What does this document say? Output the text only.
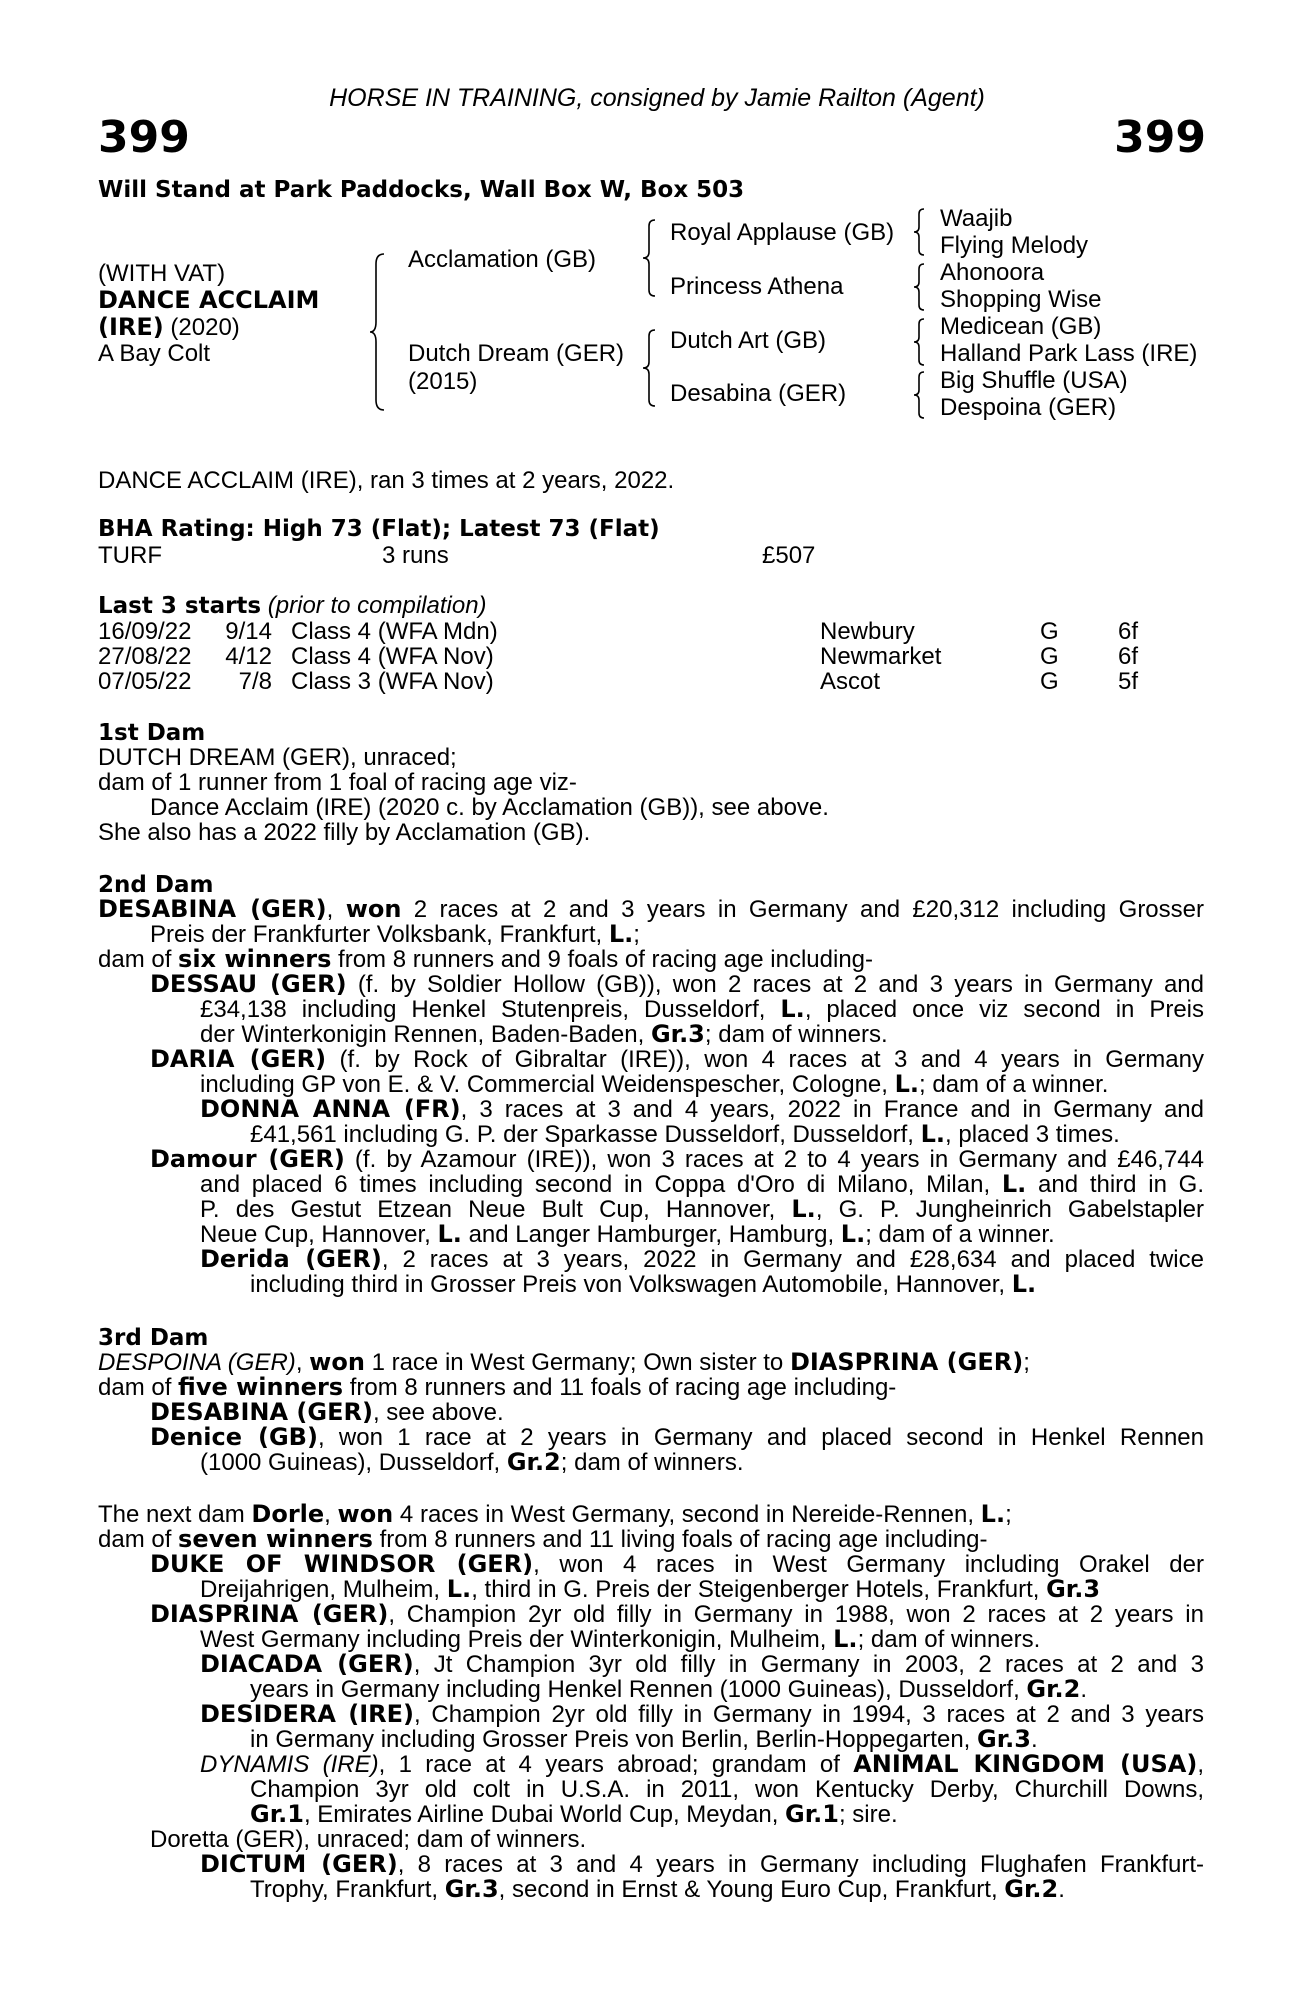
HORSE IN TRAINING, consigned by Jamie Railton (Agent)
399	399
Will Stand at Park Paddocks, Wall Box W, Box 503
(WITH VAT)
DANCE ACCLAIM
(IRE) (2020)
A Bay Colt
Acclamation (GB)
Dutch Dream (GER)
(2015)
Royal Applause (GB)
Princess Athena
Dutch Art (GB)
Desabina (GER)
Waajib
Flying Melody
Ahonoora
Shopping Wise
Medicean (GB)
Halland Park Lass (IRE)
Big Shuffle (USA)
Despoina (GER)
DANCE ACCLAIM (IRE), ran 3 times at 2 years, 2022.
BHA Rating: High 73 (Flat); Latest 73 (Flat)
TURF	3 runs	£507
Last 3 starts (prior to compilation)
16/09/22	9/14 Class 4 (WFA Mdn)	Newbury	G 6f
27/08/22	4/12 Class 4 (WFA Nov)	Newmarket	G 6f
07/05/22	7/8 Class 3 (WFA Nov)	Ascot	G 5f
1st Dam
DUTCH DREAM (GER), unraced;
dam of 1 runner from 1 foal of racing age viz-
Dance Acclaim (IRE) (2020 c. by Acclamation (GB)), see above.
She also has a 2022 filly by Acclamation (GB).
2nd Dam
DESABINA (GER), won 2 races at 2 and 3 years in Germany and £20,312 including Grosser
Preis der Frankfurter Volksbank, Frankfurt, L.;
dam of six winners from 8 runners and 9 foals of racing age including-
DESSAU (GER) (f. by Soldier Hollow (GB)), won 2 races at 2 and 3 years in Germany and
£34,138 including Henkel Stutenpreis, Dusseldorf, L., placed once viz second in Preis
der Winterkonigin Rennen, Baden-Baden, Gr.3; dam of winners.
DARIA (GER) (f. by Rock of Gibraltar (IRE)), won 4 races at 3 and 4 years in Germany
including GP von E. & V. Commercial Weidenspescher, Cologne, L.; dam of a winner.
DONNA ANNA (FR), 3 races at 3 and 4 years, 2022 in France and in Germany and
£41,561 including G. P. der Sparkasse Dusseldorf, Dusseldorf, L., placed 3 times.
Damour (GER) (f. by Azamour (IRE)), won 3 races at 2 to 4 years in Germany and £46,744
and placed 6 times including second in Coppa d'Oro di Milano, Milan, L. and third in G.
P. des Gestut Etzean Neue Bult Cup, Hannover, L., G. P. Jungheinrich Gabelstapler
Neue Cup, Hannover, L. and Langer Hamburger, Hamburg, L.; dam of a winner.
Derida (GER), 2 races at 3 years, 2022 in Germany and £28,634 and placed twice
including third in Grosser Preis von Volkswagen Automobile, Hannover, L.
3rd Dam
DESPOINA (GER), won 1 race in West Germany; Own sister to DIASPRINA (GER);
dam of five winners from 8 runners and 11 foals of racing age including-
DESABINA (GER), see above.
Denice (GB), won 1 race at 2 years in Germany and placed second in Henkel Rennen
(1000 Guineas), Dusseldorf, Gr.2; dam of winners.
The next dam Dorle, won 4 races in West Germany, second in Nereide-Rennen, L.;
dam of seven winners from 8 runners and 11 living foals of racing age including-
DUKE OF WINDSOR (GER), won 4 races in West Germany including Orakel der
Dreijahrigen, Mulheim, L., third in G. Preis der Steigenberger Hotels, Frankfurt, Gr.3
DIASPRINA (GER), Champion 2yr old filly in Germany in 1988, won 2 races at 2 years in
West Germany including Preis der Winterkonigin, Mulheim, L.; dam of winners.
DIACADA (GER), Jt Champion 3yr old filly in Germany in 2003, 2 races at 2 and 3
years in Germany including Henkel Rennen (1000 Guineas), Dusseldorf, Gr.2.
DESIDERA (IRE), Champion 2yr old filly in Germany in 1994, 3 races at 2 and 3 years
in Germany including Grosser Preis von Berlin, Berlin-Hoppegarten, Gr.3.
DYNAMIS (IRE), 1 race at 4 years abroad; grandam of ANIMAL KINGDOM (USA),
Champion 3yr old colt in U.S.A. in 2011, won Kentucky Derby, Churchill Downs,
Gr.1, Emirates Airline Dubai World Cup, Meydan, Gr.1; sire.
Doretta (GER), unraced; dam of winners.
DICTUM (GER), 8 races at 3 and 4 years in Germany including Flughafen Frankfurt-
Trophy, Frankfurt, Gr.3, second in Ernst & Young Euro Cup, Frankfurt, Gr.2.
